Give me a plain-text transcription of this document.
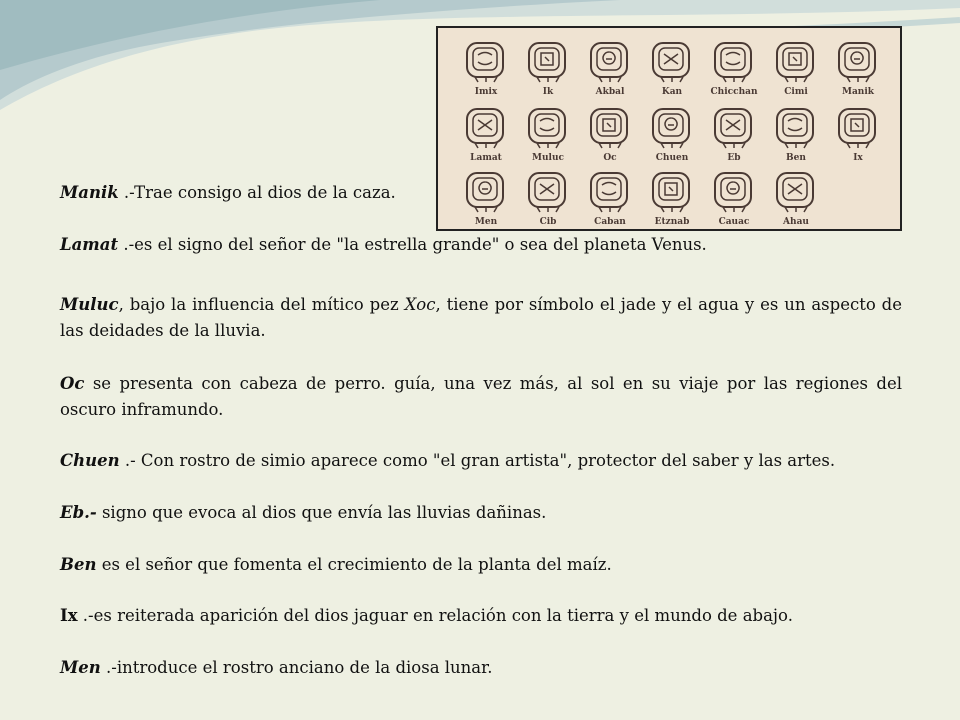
Imix	Ik	Akbal	Kan	Chicchan	Cimi	Manik
Lamat	Muluc	Oc	Chuen	Eb	Ben	Ix
Men	Cib	Caban	Etznab	Cauac	Ahau

Manik .-Trae consigo al dios de la caza.

Lamat .-es el signo del señor de "la estrella grande" o sea del planeta Venus.

Muluc, bajo la influencia del mítico pez Xoc, tiene por símbolo el jade y el agua y es un aspecto de las deidades de la lluvia.

Oc se presenta con cabeza de perro. guía, una vez más, al sol en su viaje por las regiones del oscuro inframundo.

Chuen .- Con rostro de simio aparece como "el gran artista", protector del saber y las artes.

Eb.- signo que evoca al dios que envía las lluvias dañinas.

Ben es el señor que fomenta el crecimiento de la planta del maíz.

Ix .-es reiterada aparición del dios jaguar en relación con la tierra y el mundo de abajo.

Men .-introduce el rostro anciano de la diosa lunar.
